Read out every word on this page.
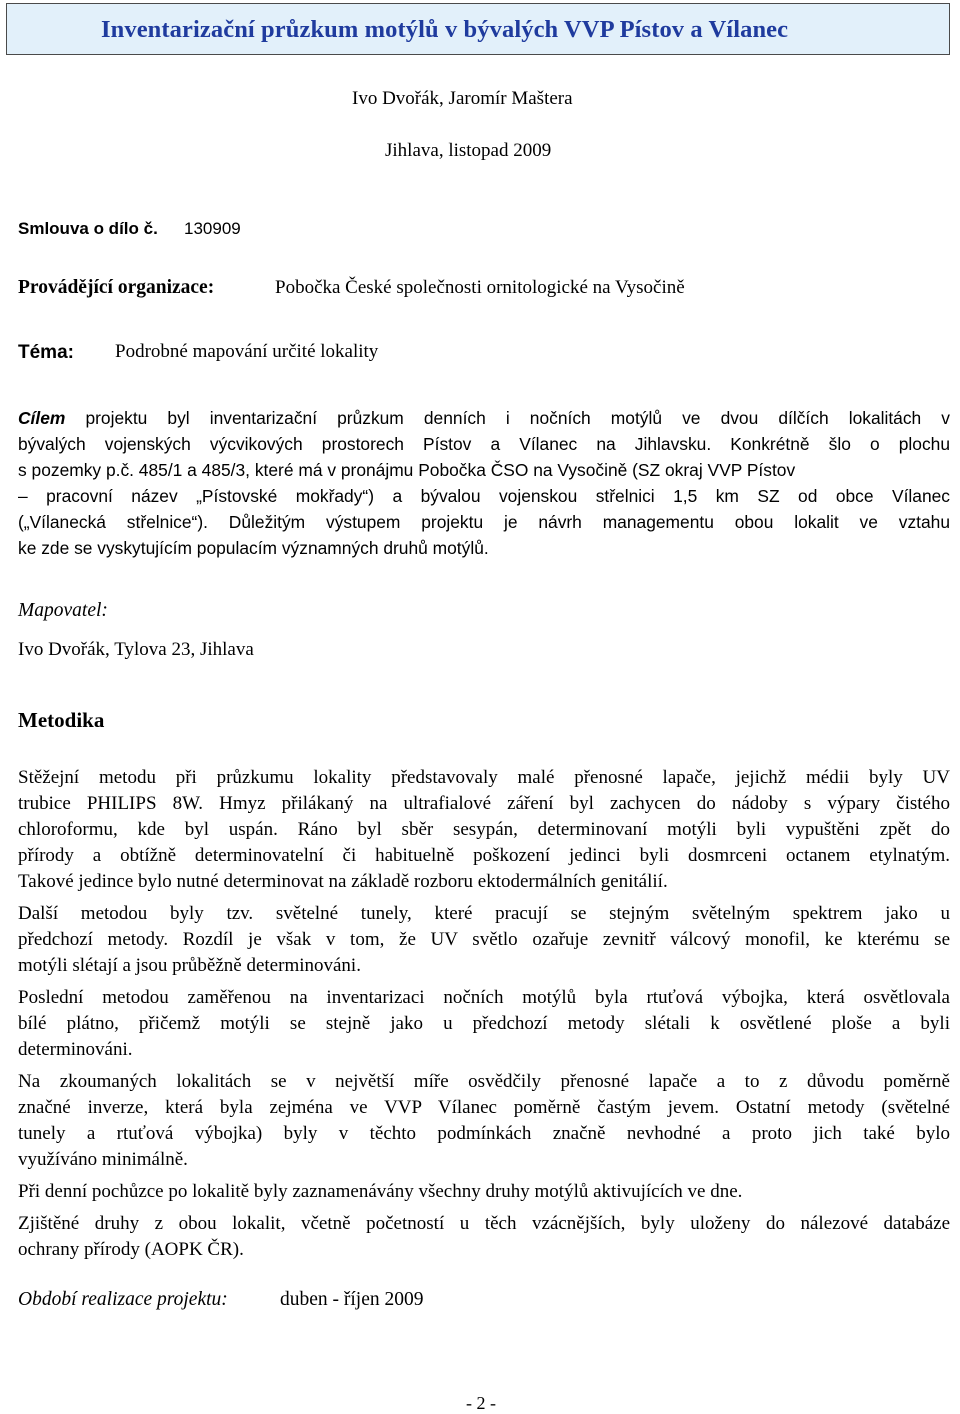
Inventarizační průzkum motýlů v bývalých VVP Pístov a Vílanec
Ivo Dvořák, Jaromír Maštera
Jihlava, listopad 2009
Smlouva o dílo č. 130909
Provádějící organizace:	Pobočka České společnosti ornitologické na Vysočině
Téma: Podrobné mapování určité lokality
Cílem projektu byl inventarizační průzkum denních i nočních motýlů ve dvou dílčích lokalitách v
bývalých vojenských výcvikových prostorech Pístov a Vílanec na Jihlavsku. Konkrétně šlo o plochu
s pozemky p.č. 485/1 a 485/3, které má v pronájmu Pobočka ČSO na Vysočině (SZ okraj VVP Pístov
– pracovní název „Pístovské mokřady“) a bývalou vojenskou střelnici 1,5 km SZ od obce Vílanec
(„Vílanecká střelnice“). Důležitým výstupem projektu je návrh managementu obou lokalit ve vztahu
ke zde se vyskytujícím populacím významných druhů motýlů.
Mapovatel:
Ivo Dvořák, Tylova 23, Jihlava
Metodika
Stěžejní metodu při průzkumu lokality představovaly malé přenosné lapače, jejichž médii byly UV
trubice PHILIPS 8W. Hmyz přilákaný na ultrafialové záření byl zachycen do nádoby s výpary čistého
chloroformu, kde byl uspán. Ráno byl sběr sesypán, determinovaní motýli byli vypuštěni zpět do
přírody a obtížně determinovatelní či habituelně poškození jedinci byli dosmrceni octanem etylnatým.
Takové jedince bylo nutné determinovat na základě rozboru ektodermálních genitálií.
Další metodou byly tzv. světelné tunely, které pracují se stejným světelným spektrem jako u
předchozí metody. Rozdíl je však v tom, že UV světlo ozařuje zevnitř válcový monofil, ke kterému se
motýli slétají a jsou průběžně determinováni.
Poslední metodou zaměřenou na inventarizaci nočních motýlů byla rtuťová výbojka, která osvětlovala
bílé plátno, přičemž motýli se stejně jako u předchozí metody slétali k osvětlené ploše a byli
determinováni.
Na zkoumaných lokalitách se v největší míře osvědčily přenosné lapače a to z důvodu poměrně
značné inverze, která byla zejména ve VVP Vílanec poměrně častým jevem. Ostatní metody (světelné
tunely a rtuťová výbojka) byly v těchto podmínkách značně nevhodné a proto jich také bylo
využíváno minimálně.
Při denní pochůzce po lokalitě byly zaznamenávány všechny druhy motýlů aktivujících ve dne.
Zjištěné druhy z obou lokalit, včetně početností u těch vzácnějších, byly uloženy do nálezové databáze
ochrany přírody (AOPK ČR).
Období realizace projektu:	duben - říjen 2009
- 2 -
